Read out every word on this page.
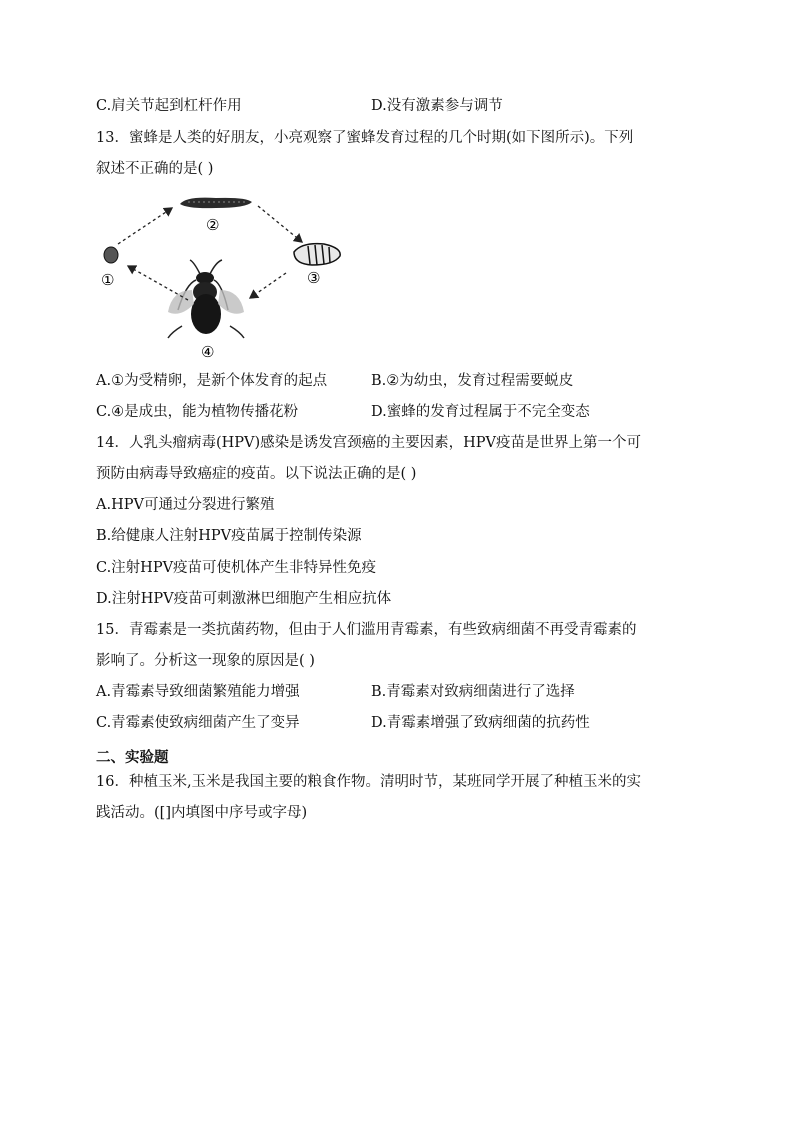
C.肩关节起到杠杆作用	D.没有激素参与调节
13．蜜蜂是人类的好朋友，小亮观察了蜜蜂发育过程的几个时期(如下图所示)。下列
叙述不正确的是( )
①
②
③
④
A.①为受精卵，是新个体发育的起点	B.②为幼虫，发育过程需要蜕皮
C.④是成虫，能为植物传播花粉	D.蜜蜂的发育过程属于不完全变态
14．人乳头瘤病毒(HPV)感染是诱发宫颈癌的主要因素，HPV疫苗是世界上第一个可
预防由病毒导致癌症的疫苗。以下说法正确的是( )
A.HPV可通过分裂进行繁殖
B.给健康人注射HPV疫苗属于控制传染源
C.注射HPV疫苗可使机体产生非特异性免疫
D.注射HPV疫苗可刺激淋巴细胞产生相应抗体
15．青霉素是一类抗菌药物，但由于人们滥用青霉素，有些致病细菌不再受青霉素的
影响了。分析这一现象的原因是( )
A.青霉素导致细菌繁殖能力增强	B.青霉素对致病细菌进行了选择
C.青霉素使致病细菌产生了变异	D.青霉素增强了致病细菌的抗药性
二、实验题
16．种植玉米,玉米是我国主要的粮食作物。清明时节，某班同学开展了种植玉米的实
践活动。([]内填图中序号或字母)
